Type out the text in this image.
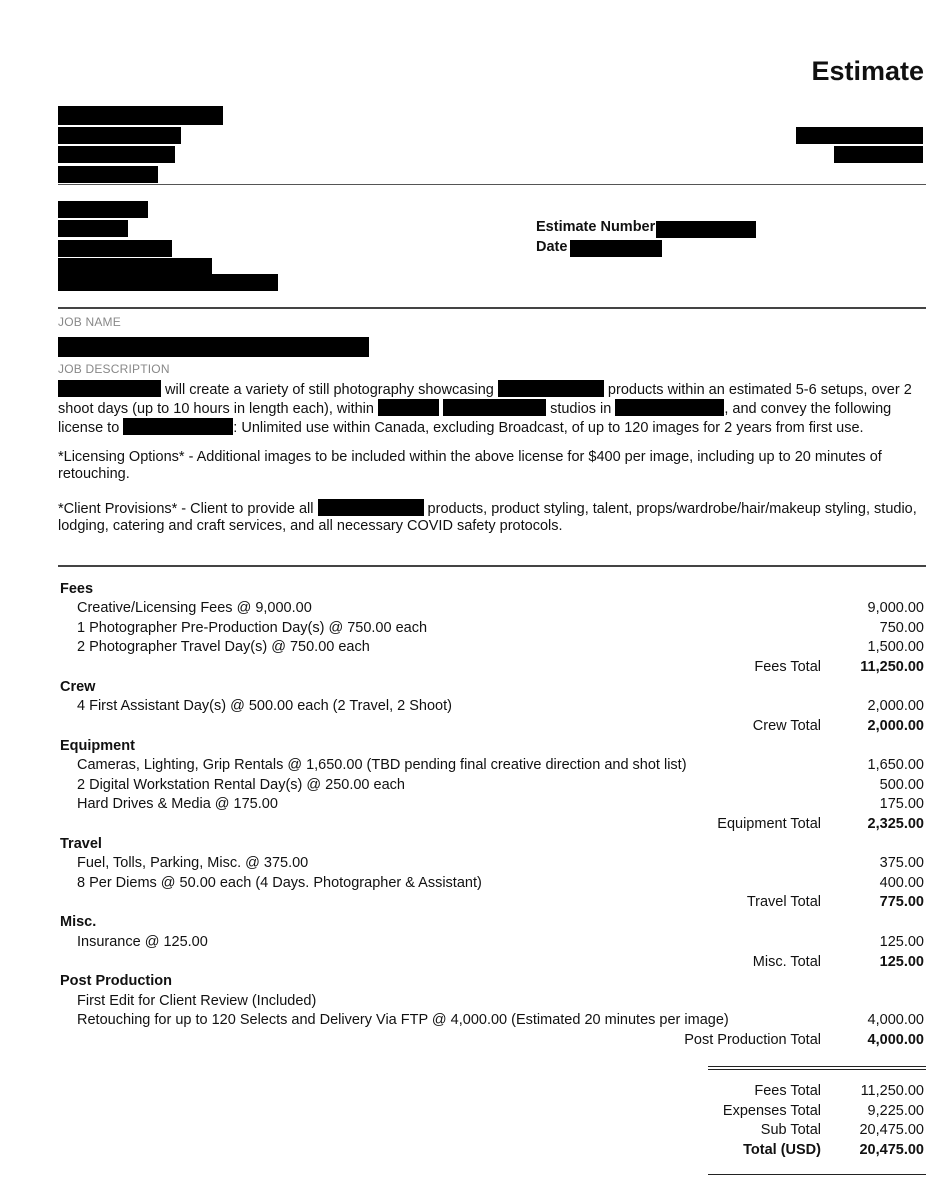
Estimate
Estimate Number
Date
JOB NAME
JOB DESCRIPTION
will create a variety of still photography showcasing	products within an estimated 5-6 setups, over 2
shoot days (up to 10 hours in length each), within	studios in	, and convey the following
license to	: Unlimited use within Canada, excluding Broadcast, of up to 120 images for 2 years from first use.
*Licensing Options* - Additional images to be included within the above license for $400 per image, including up to 20 minutes of
retouching.
*Client Provisions* - Client to provide all	products, product styling, talent, props/wardrobe/hair/makeup styling, studio,
lodging, catering and craft services, and all necessary COVID safety protocols.
Fees
Creative/Licensing Fees @ 9,000.00	9,000.00
1 Photographer Pre-Production Day(s) @ 750.00 each	750.00
2 Photographer Travel Day(s) @ 750.00 each	1,500.00
Fees Total	11,250.00
Crew
4 First Assistant Day(s) @ 500.00 each (2 Travel, 2 Shoot)	2,000.00
Crew Total	2,000.00
Equipment
Cameras, Lighting, Grip Rentals @ 1,650.00 (TBD pending final creative direction and shot list)	1,650.00
2 Digital Workstation Rental Day(s) @ 250.00 each	500.00
Hard Drives & Media @ 175.00	175.00
Equipment Total	2,325.00
Travel
Fuel, Tolls, Parking, Misc. @ 375.00	375.00
8 Per Diems @ 50.00 each (4 Days. Photographer & Assistant)	400.00
Travel Total	775.00
Misc.
Insurance @ 125.00	125.00
Misc. Total	125.00
Post Production
First Edit for Client Review (Included)
Retouching for up to 120 Selects and Delivery Via FTP @ 4,000.00 (Estimated 20 minutes per image)	4,000.00
Post Production Total	4,000.00
Fees Total	11,250.00
Expenses Total	9,225.00
Sub Total	20,475.00
Total (USD)	20,475.00
